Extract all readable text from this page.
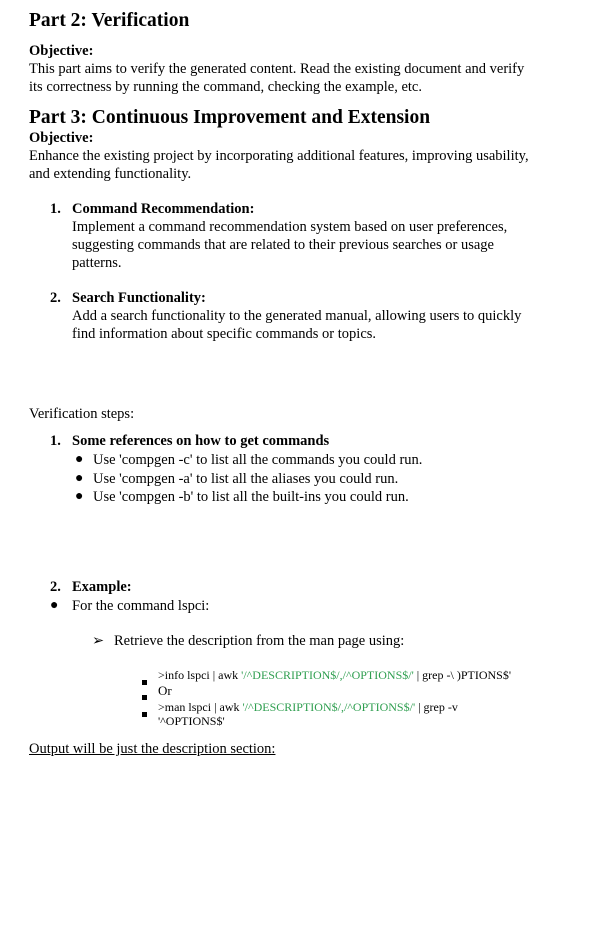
Part 2: Verification
Objective:
This part aims to verify the generated content. Read the existing document and verify
its correctness by running the command, checking the example, etc.
Part 3: Continuous Improvement and Extension
Objective:
Enhance the existing project by incorporating additional features, improving usability,
and extending functionality.
1. Command Recommendation:
Implement a command recommendation system based on user preferences,
suggesting commands that are related to their previous searches or usage
patterns.
2. Search Functionality:
Add a search functionality to the generated manual, allowing users to quickly
find information about specific commands or topics.
Verification steps:
1. Some references on how to get commands
● Use 'compgen -c' to list all the commands you could run.
● Use 'compgen -a' to list all the aliases you could run.
● Use 'compgen -b' to list all the built-ins you could run.
2. Example:
● For the command lspci:
➢ Retrieve the description from the man page using:
>info lspci | awk '/^DESCRIPTION$/,/^OPTIONS$/' | grep -\ )PTIONS$'
Or
>man lspci | awk '/^DESCRIPTION$/,/^OPTIONS$/' | grep -v
'^OPTIONS$'
Output will be just the description section:
